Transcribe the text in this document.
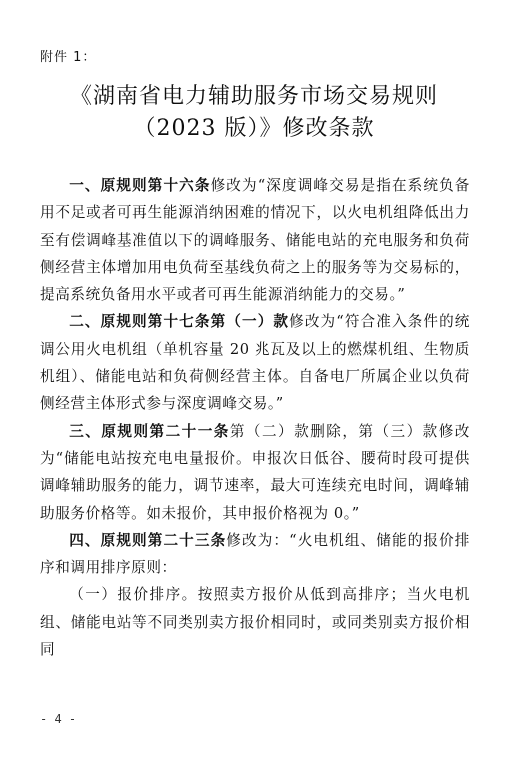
附件 1：
《湖南省电力辅助服务市场交易规则
（2023 版）》修改条款

一、原规则第十六条修改为“深度调峰交易是指在系统负备用不足或者可再生能源消纳困难的情况下，以火电机组降低出力至有偿调峰基准值以下的调峰服务、储能电站的充电服务和负荷侧经营主体增加用电负荷至基线负荷之上的服务等为交易标的，提高系统负备用水平或者可再生能源消纳能力的交易。”

二、原规则第十七条第（一）款修改为“符合准入条件的统调公用火电机组（单机容量 20 兆瓦及以上的燃煤机组、生物质机组）、储能电站和负荷侧经营主体。自备电厂所属企业以负荷侧经营主体形式参与深度调峰交易。”

三、原规则第二十一条第（二）款删除，第（三）款修改为“储能电站按充电电量报价。申报次日低谷、腰荷时段可提供调峰辅助服务的能力，调节速率，最大可连续充电时间，调峰辅助服务价格等。如未报价，其申报价格视为 0。”

四、原规则第二十三条修改为：“火电机组、储能的报价排序和调用排序原则：

（一）报价排序。按照卖方报价从低到高排序；当火电机组、储能电站等不同类别卖方报价相同时，或同类别卖方报价相同

- 4 -
